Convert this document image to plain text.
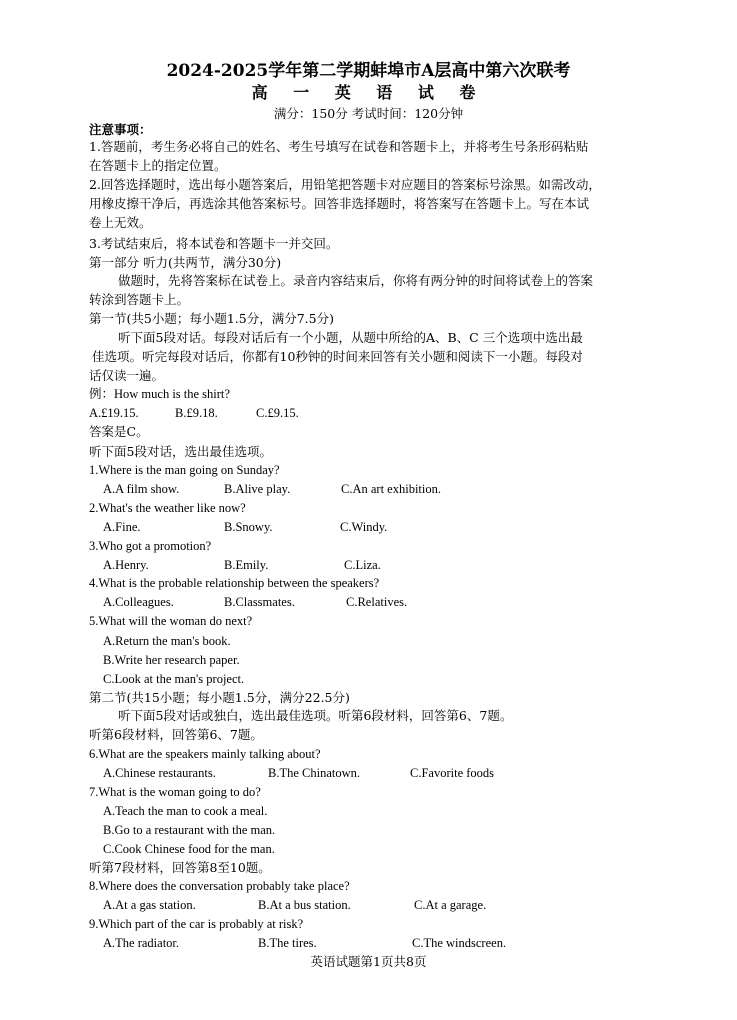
2024-2025学年第二学期蚌埠市A层高中第六次联考
高 一 英 语 试 卷
满分：150分 考试时间：120分钟
注意事项：
1.答题前，考生务必将自己的姓名、考生号填写在试卷和答题卡上，并将考生号条形码粘贴
在答题卡上的指定位置。
2.回答选择题时，选出每小题答案后，用铅笔把答题卡对应题目的答案标号涂黑。如需改动，
用橡皮擦干净后，再选涂其他答案标号。回答非选择题时，将答案写在答题卡上。写在本试
卷上无效。
3.考试结束后，将本试卷和答题卡一并交回。
第一部分 听力(共两节，满分30分)
做题时，先将答案标在试卷上。录音内容结束后，你将有两分钟的时间将试卷上的答案
转涂到答题卡上。
第一节(共5小题；每小题1.5分，满分7.5分)
听下面5段对话。每段对话后有一个小题，从题中所给的A、B、C 三个选项中选出最
佳选项。听完每段对话后，你都有10秒钟的时间来回答有关小题和阅读下一小题。每段对
话仅读一遍。
例：How much is the shirt?
A.£19.15.	B.£9.18.	C.£9.15.
答案是C。
听下面5段对话，选出最佳选项。
1.Where is the man going on Sunday?
A.A film show.	B.Alive play.	C.An art exhibition.
2.What's the weather like now?
A.Fine.	B.Snowy.	C.Windy.
3.Who got a promotion?
A.Henry.	B.Emily.	C.Liza.
4.What is the probable relationship between the speakers?
A.Colleagues.	B.Classmates.	C.Relatives.
5.What will the woman do next?
A.Return the man's book.
B.Write her research paper.
C.Look at the man's project.
第二节(共15小题；每小题1.5分，满分22.5分)
听下面5段对话或独白，选出最佳选项。听第6段材料，回答第6、7题。
听第6段材料，回答第6、7题。
6.What are the speakers mainly talking about?
A.Chinese restaurants.	B.The Chinatown.	C.Favorite foods
7.What is the woman going to do?
A.Teach the man to cook a meal.
B.Go to a restaurant with the man.
C.Cook Chinese food for the man.
听第7段材料，回答第8至10题。
8.Where does the conversation probably take place?
A.At a gas station.	B.At a bus station.	C.At a garage.
9.Which part of the car is probably at risk?
A.The radiator.	B.The tires.	C.The windscreen.
英语试题第1页共8页
